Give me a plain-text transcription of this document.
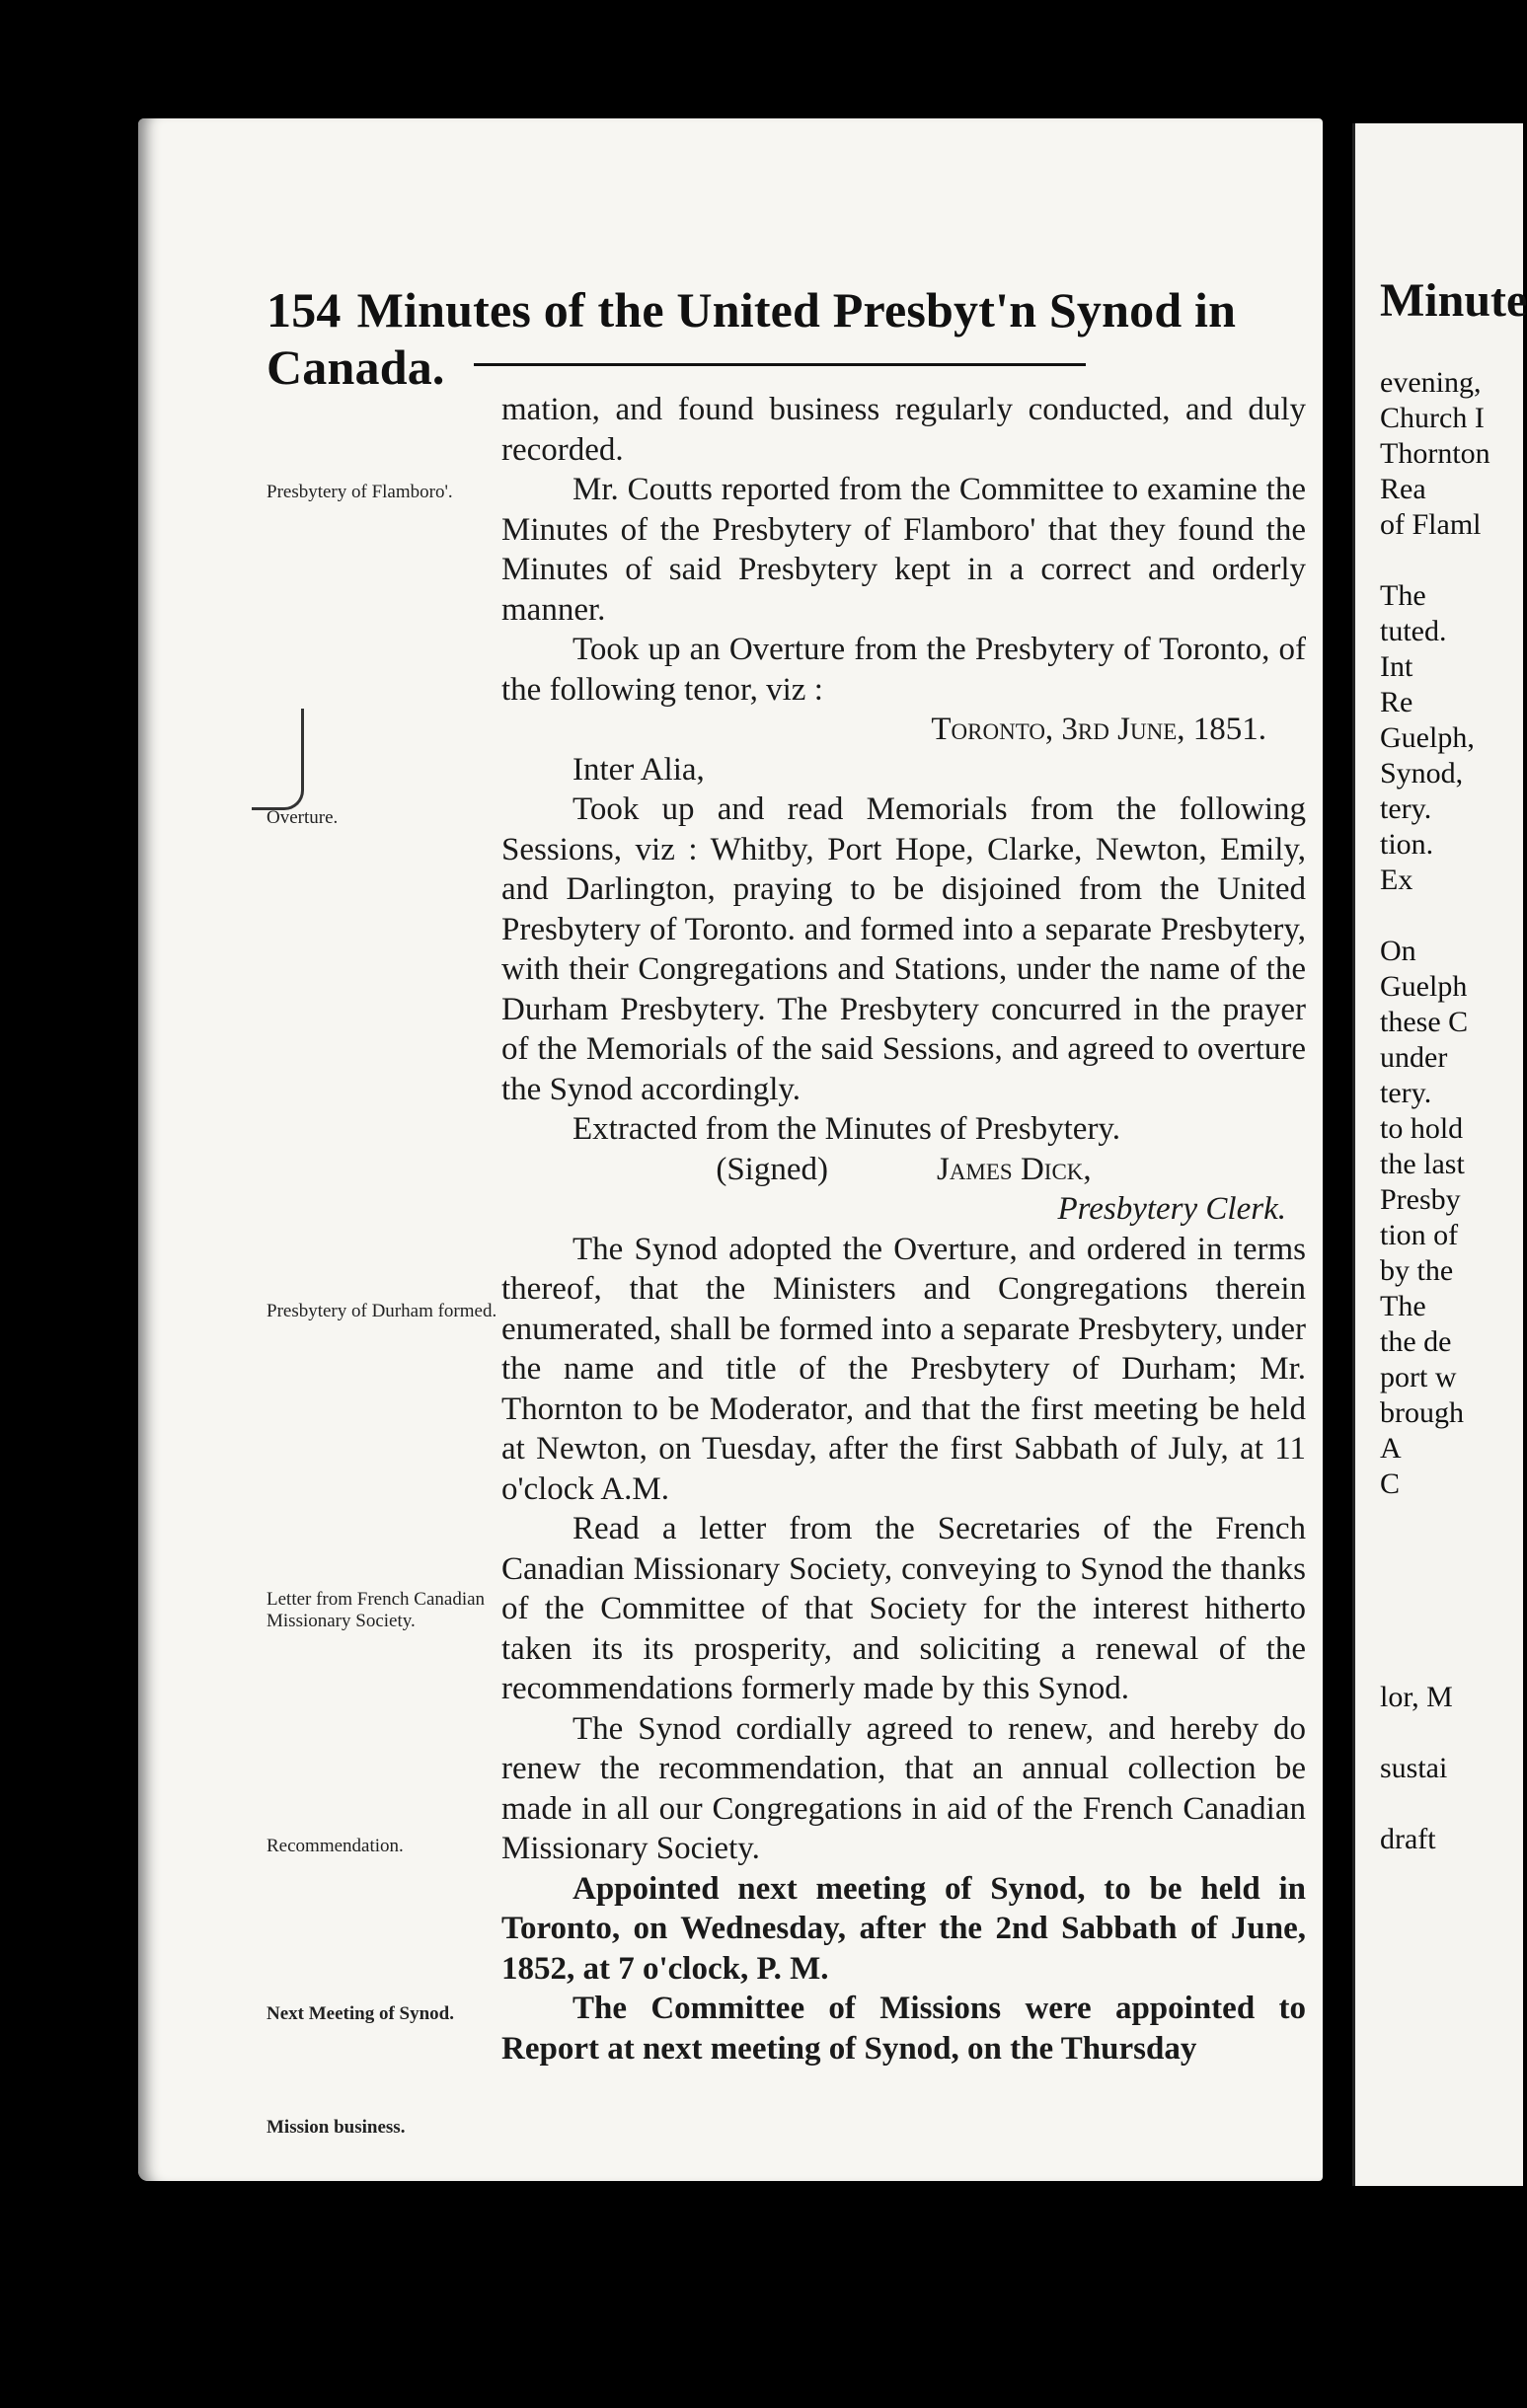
154 Minutes of the United Presbyt'n Synod in Canada.
Presbytery of Flamboro'.
Overture.
Presbytery of Durham formed.
Letter from French Canadian Missionary Society.
Recommendation.
Next Meeting of Synod.
Mission business.

mation, and found business regularly conducted, and duly recorded.

Mr. Coutts reported from the Committee to examine the Minutes of the Presbytery of Flamboro' that they found the Minutes of said Presbytery kept in a correct and orderly manner.

Took up an Overture from the Presbytery of Toronto, of the following tenor, viz :

Toronto, 3rd June, 1851.

Inter Alia,

Took up and read Memorials from the following Sessions, viz : Whitby, Port Hope, Clarke, Newton, Emily, and Darlington, praying to be disjoined from the United Presbytery of Toronto. and formed into a separate Presbytery, with their Congregations and Stations, under the name of the Durham Presbytery. The Presbytery concurred in the prayer of the Memorials of the said Sessions, and agreed to overture the Synod accordingly.

Extracted from the Minutes of Presbytery.

(Signed)	James Dick,

Presbytery Clerk.

The Synod adopted the Overture, and ordered in terms thereof, that the Ministers and Congregations therein enumerated, shall be formed into a separate Presbytery, under the name and title of the Presbytery of Durham; Mr. Thornton to be Moderator, and that the first meeting be held at Newton, on Tuesday, after the first Sabbath of July, at 11 o'clock A.M.

Read a letter from the Secretaries of the French Canadian Missionary Society, conveying to Synod the thanks of the Committee of that Society for the interest hitherto taken its its prosperity, and soliciting a renewal of the recommendations formerly made by this Synod.

The Synod cordially agreed to renew, and hereby do renew the recommendation, that an annual collection be made in all our Congregations in aid of the French Canadian Missionary Society.

Appointed next meeting of Synod, to be held in Toronto, on Wednesday, after the 2nd Sabbath of June, 1852, at 7 o'clock, P. M.

The Committee of Missions were appointed to Report at next meeting of Synod, on the Thursday

Minute
evening,
Church I
Thornton
Rea
of Flaml
The
tuted.
Int
Re
Guelph,
Synod,
tery.
tion.
Ex
On
Guelph
these C
under
tery.
to hold
the last
Presby
tion of
by the
The
the de
port w
brough
A
C
lor, M
sustai
draft
